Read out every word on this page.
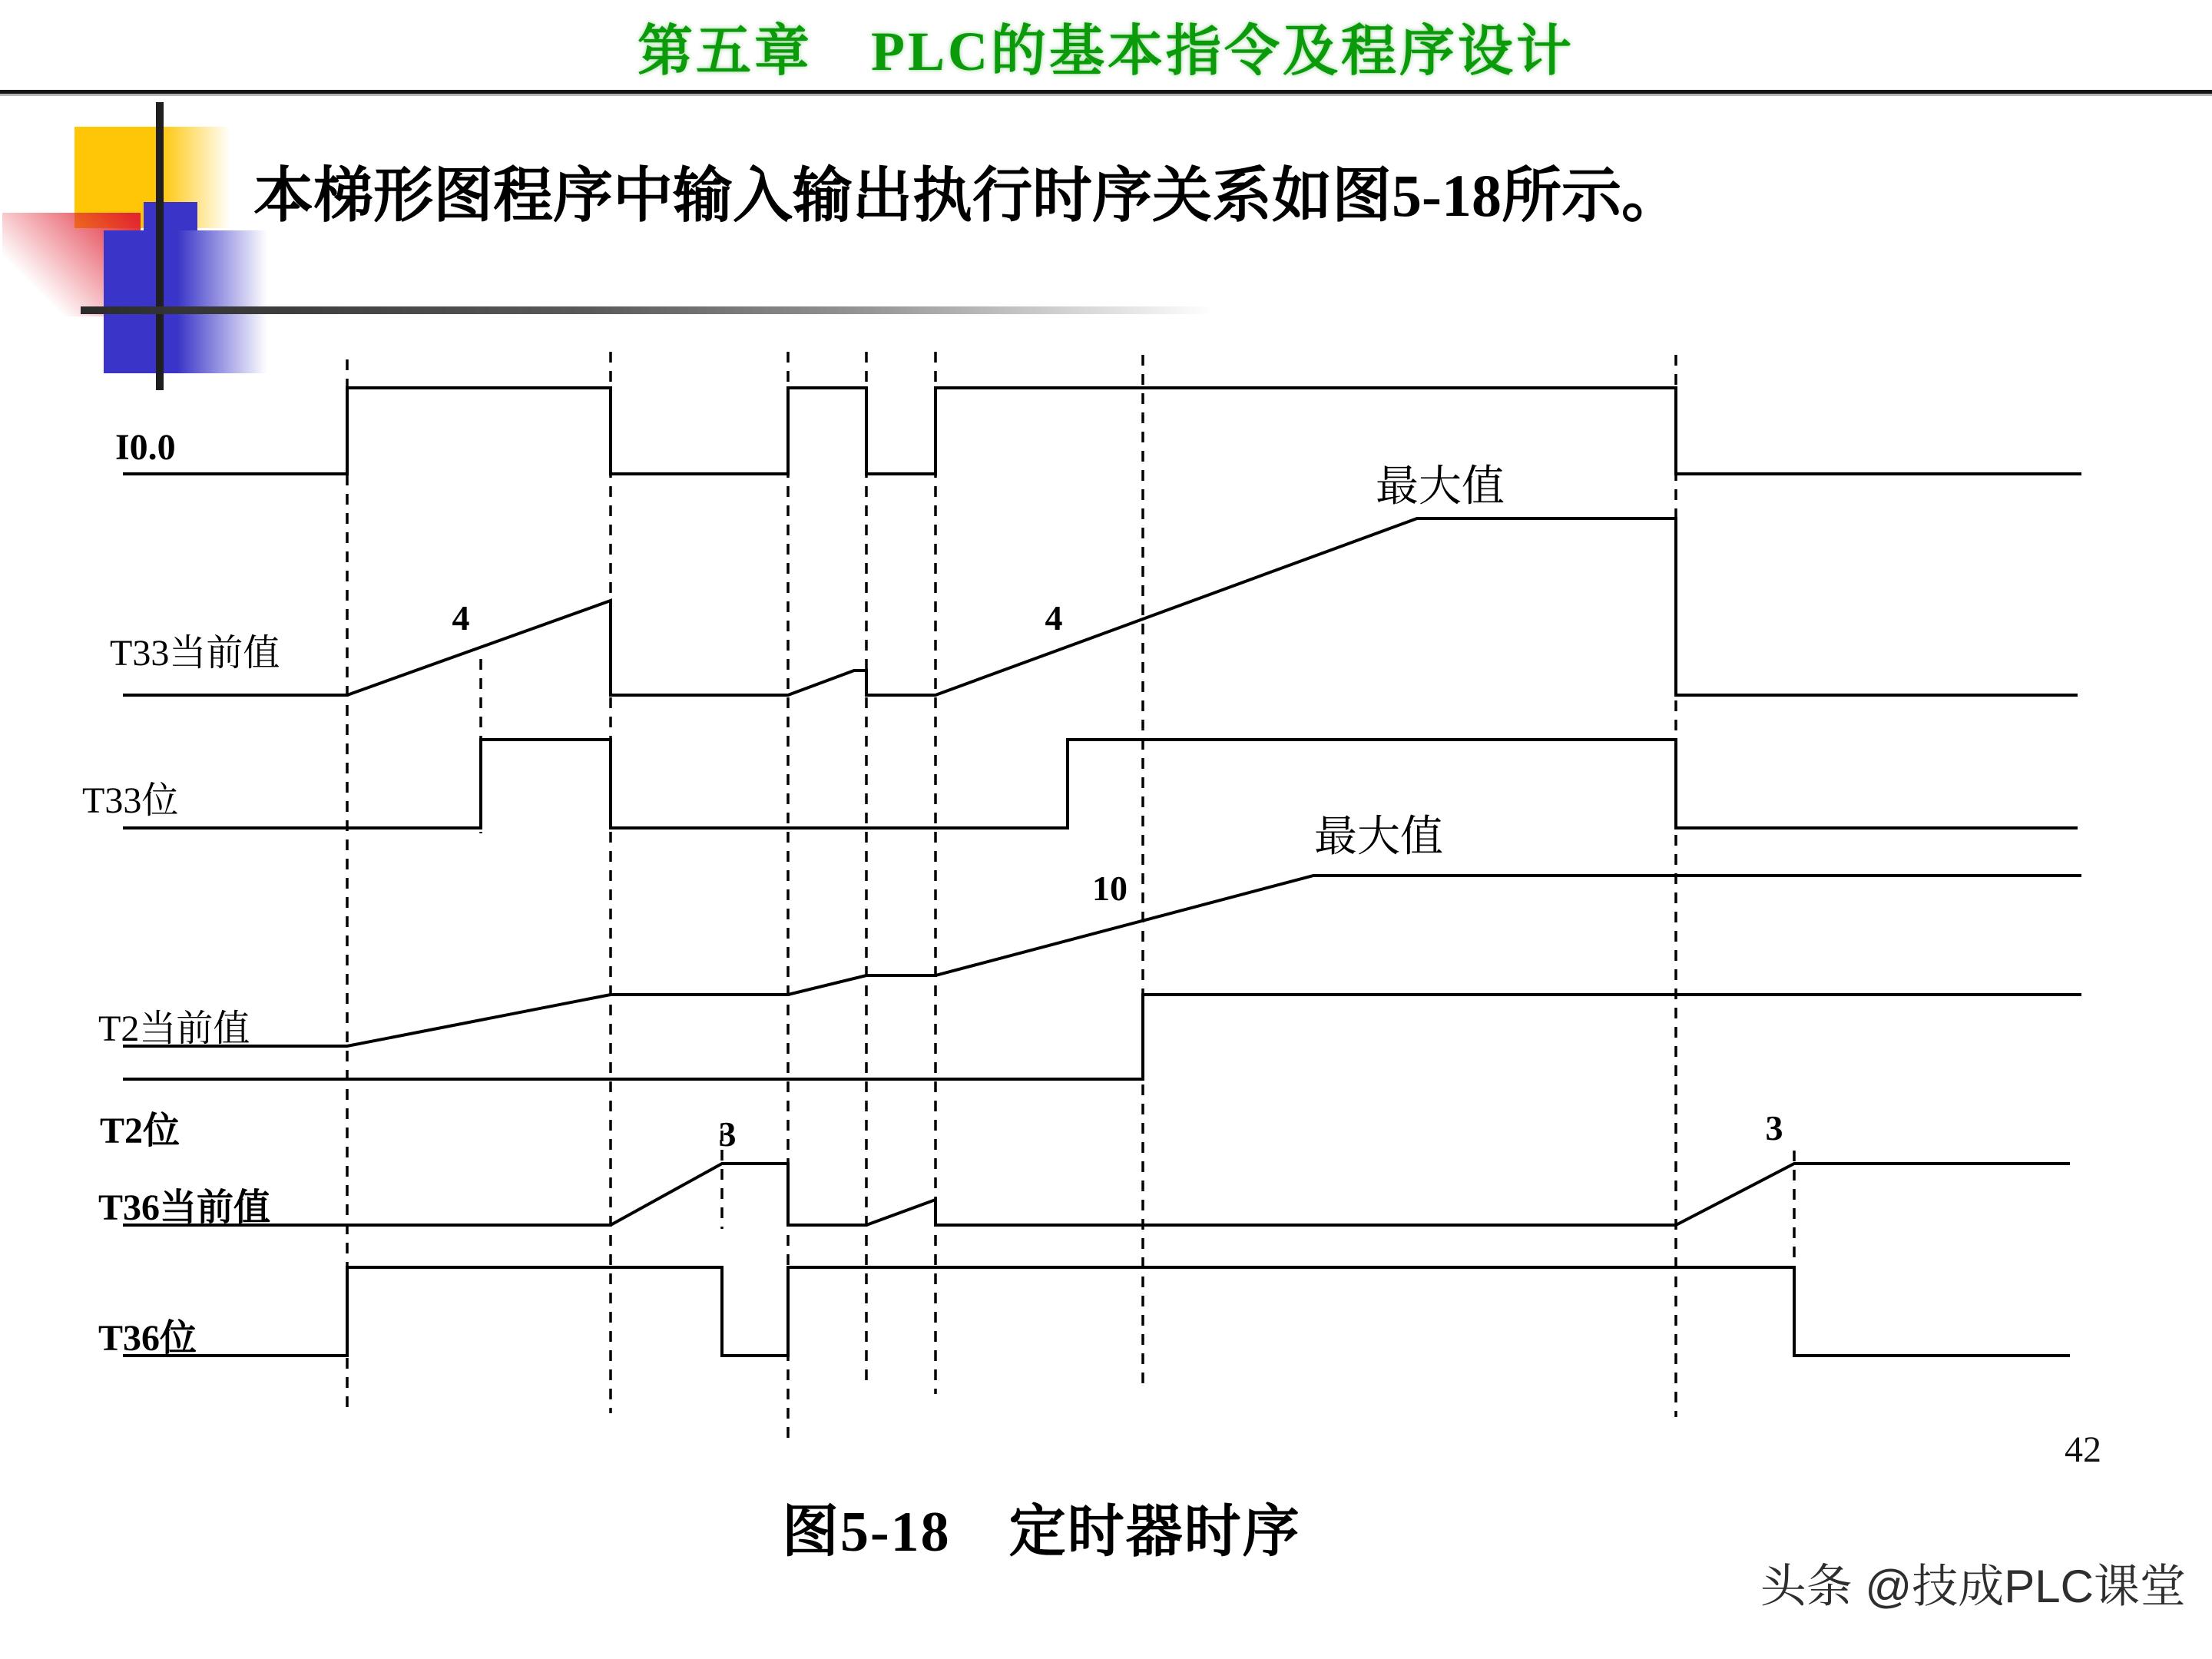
第五章　PLC的基本指令及程序设计
本梯形图程序中输入输出执行时序关系如图5-18所示。
I0.0
T33当前值
T33位
T2当前值
T2位
T36当前值
T36位
4	4
最大值
10
最大值
3	3
图5-18　定时器时序
42
头条 @技成PLC课堂
